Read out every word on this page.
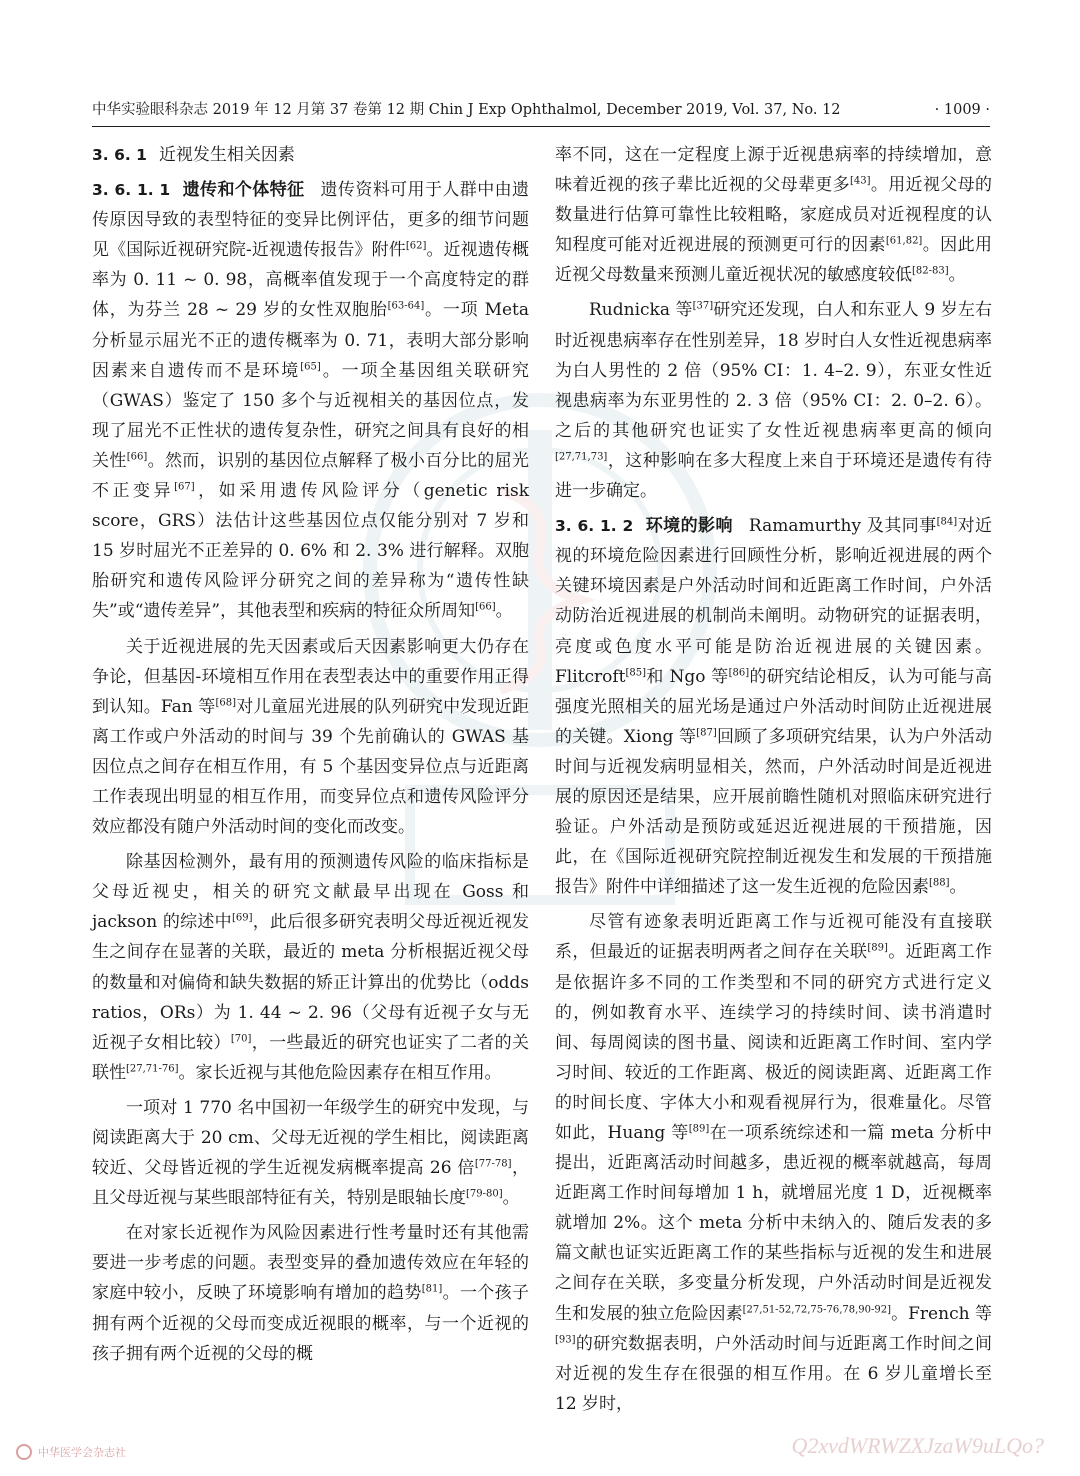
中华实验眼科杂志 2019 年 12 月第 37 卷第 12 期 Chin J Exp Ophthalmol, December 2019, Vol. 37, No. 12	· 1009 ·

3. 6. 1 近视发生相关因素

3. 6. 1. 1 遗传和个体特征 遗传资料可用于人群中由遗传原因导致的表型特征的变异比例评估，更多的细节问题见《国际近视研究院-近视遗传报告》附件[62]。近视遗传概率为 0. 11 ~ 0. 98，高概率值发现于一个高度特定的群体，为芬兰 28 ~ 29 岁的女性双胞胎[63-64]。一项 Meta 分析显示屈光不正的遗传概率为 0. 71，表明大部分影响因素来自遗传而不是环境[65]。一项全基因组关联研究（GWAS）鉴定了 150 多个与近视相关的基因位点，发现了屈光不正性状的遗传复杂性，研究之间具有良好的相关性[66]。然而，识别的基因位点解释了极小百分比的屈光不正变异[67]，如采用遗传风险评分（genetic risk score，GRS）法估计这些基因位点仅能分别对 7 岁和 15 岁时屈光不正差异的 0. 6% 和 2. 3% 进行解释。双胞胎研究和遗传风险评分研究之间的差异称为“遗传性缺失”或“遗传差异”，其他表型和疾病的特征众所周知[66]。

关于近视进展的先天因素或后天因素影响更大仍存在争论，但基因-环境相互作用在表型表达中的重要作用正得到认知。Fan 等[68]对儿童屈光进展的队列研究中发现近距离工作或户外活动的时间与 39 个先前确认的 GWAS 基因位点之间存在相互作用，有 5 个基因变异位点与近距离工作表现出明显的相互作用，而变异位点和遗传风险评分效应都没有随户外活动时间的变化而改变。

除基因检测外，最有用的预测遗传风险的临床指标是父母近视史，相关的研究文献最早出现在 Goss 和 jackson 的综述中[69]，此后很多研究表明父母近视近视发生之间存在显著的关联，最近的 meta 分析根据近视父母的数量和对偏倚和缺失数据的矫正计算出的优势比（odds ratios，ORs）为 1. 44 ~ 2. 96（父母有近视子女与无近视子女相比较）[70]，一些最近的研究也证实了二者的关联性[27,71-76]。家长近视与其他危险因素存在相互作用。

一项对 1 770 名中国初一年级学生的研究中发现，与阅读距离大于 20 cm、父母无近视的学生相比，阅读距离较近、父母皆近视的学生近视发病概率提高 26 倍[77-78]，且父母近视与某些眼部特征有关，特别是眼轴长度[79-80]。

在对家长近视作为风险因素进行性考量时还有其他需要进一步考虑的问题。表型变异的叠加遗传效应在年轻的家庭中较小，反映了环境影响有增加的趋势[81]。一个孩子拥有两个近视的父母而变成近视眼的概率，与一个近视的孩子拥有两个近视的父母的概

率不同，这在一定程度上源于近视患病率的持续增加，意味着近视的孩子辈比近视的父母辈更多[43]。用近视父母的数量进行估算可靠性比较粗略，家庭成员对近视程度的认知程度可能对近视进展的预测更可行的因素[61,82]。因此用近视父母数量来预测儿童近视状况的敏感度较低[82-83]。

Rudnicka 等[37]研究还发现，白人和东亚人 9 岁左右时近视患病率存在性别差异，18 岁时白人女性近视患病率为白人男性的 2 倍（95% CI：1. 4–2. 9），东亚女性近视患病率为东亚男性的 2. 3 倍（95% CI：2. 0–2. 6）。之后的其他研究也证实了女性近视患病率更高的倾向[27,71,73]，这种影响在多大程度上来自于环境还是遗传有待进一步确定。

3. 6. 1. 2 环境的影响 Ramamurthy 及其同事[84]对近视的环境危险因素进行回顾性分析，影响近视进展的两个关键环境因素是户外活动时间和近距离工作时间，户外活动防治近视进展的机制尚未阐明。动物研究的证据表明，亮度或色度水平可能是防治近视进展的关键因素。Flitcroft[85]和 Ngo 等[86]的研究结论相反，认为可能与高强度光照相关的屈光场是通过户外活动时间防止近视进展的关键。Xiong 等[87]回顾了多项研究结果，认为户外活动时间与近视发病明显相关，然而，户外活动时间是近视进展的原因还是结果，应开展前瞻性随机对照临床研究进行验证。户外活动是预防或延迟近视进展的干预措施，因此，在《国际近视研究院控制近视发生和发展的干预措施报告》附件中详细描述了这一发生近视的危险因素[88]。

尽管有迹象表明近距离工作与近视可能没有直接联系，但最近的证据表明两者之间存在关联[89]。近距离工作是依据许多不同的工作类型和不同的研究方式进行定义的，例如教育水平、连续学习的持续时间、读书消遣时间、每周阅读的图书量、阅读和近距离工作时间、室内学习时间、较近的工作距离、极近的阅读距离、近距离工作的时间长度、字体大小和观看视屏行为，很难量化。尽管如此，Huang 等[89]在一项系统综述和一篇 meta 分析中提出，近距离活动时间越多，患近视的概率就越高，每周近距离工作时间每增加 1 h，就增屈光度 1 D，近视概率就增加 2%。这个 meta 分析中未纳入的、随后发表的多篇文献也证实近距离工作的某些指标与近视的发生和进展之间存在关联，多变量分析发现，户外活动时间是近视发生和发展的独立危险因素[27,51-52,72,75-76,78,90-92]。French 等[93]的研究数据表明，户外活动时间与近距离工作时间之间对近视的发生存在很强的相互作用。在 6 岁儿童增长至 12 岁时，

中华医学会杂志社	Q2xvdWRWZXJzaW9uLQo?
